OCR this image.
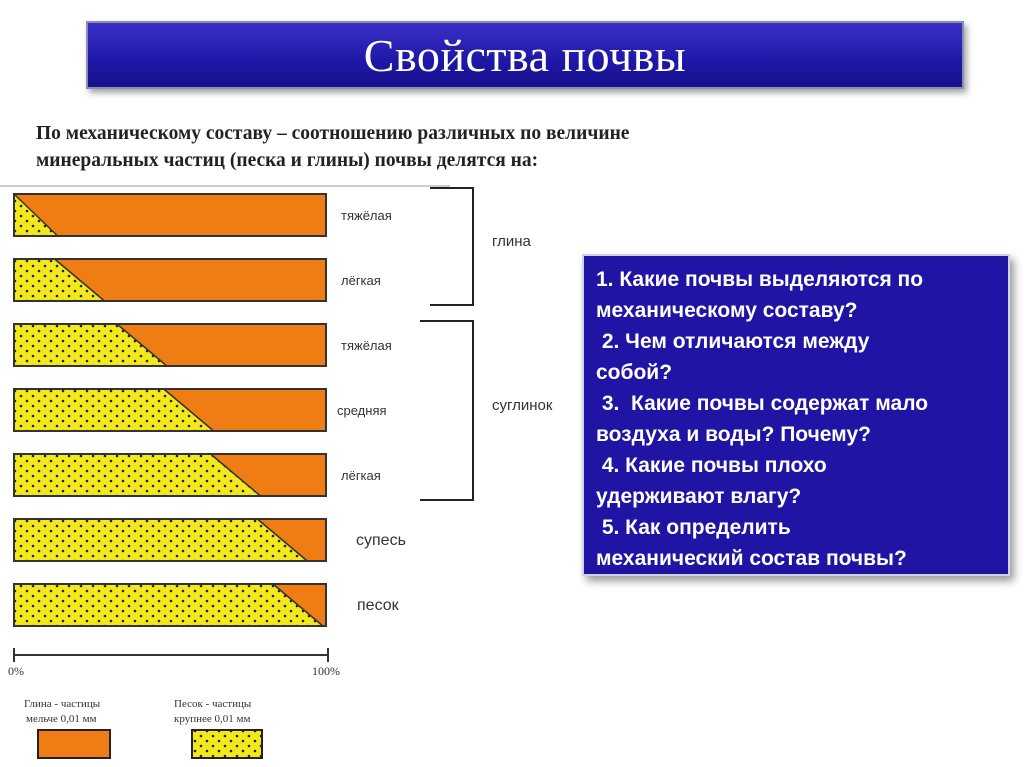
Свойства почвы
По механическому составу – соотношению различных по величине
минеральных частиц (песка и глины) почвы делятся на:
тяжёлая
лёгкая
тяжёлая
средняя
лёгкая
супесь
песок
глина
суглинок
0%	100%
Глина - частицы
мельче 0,01 мм
Песок - частицы
крупнее 0,01 мм
1. Какие почвы выделяются по
механическому составу?
2. Чем отличаются между
собой?
3.  Какие почвы содержат мало
воздуха и воды? Почему?
4. Какие почвы плохо
удерживают влагу?
5. Как определить
механический состав почвы?
